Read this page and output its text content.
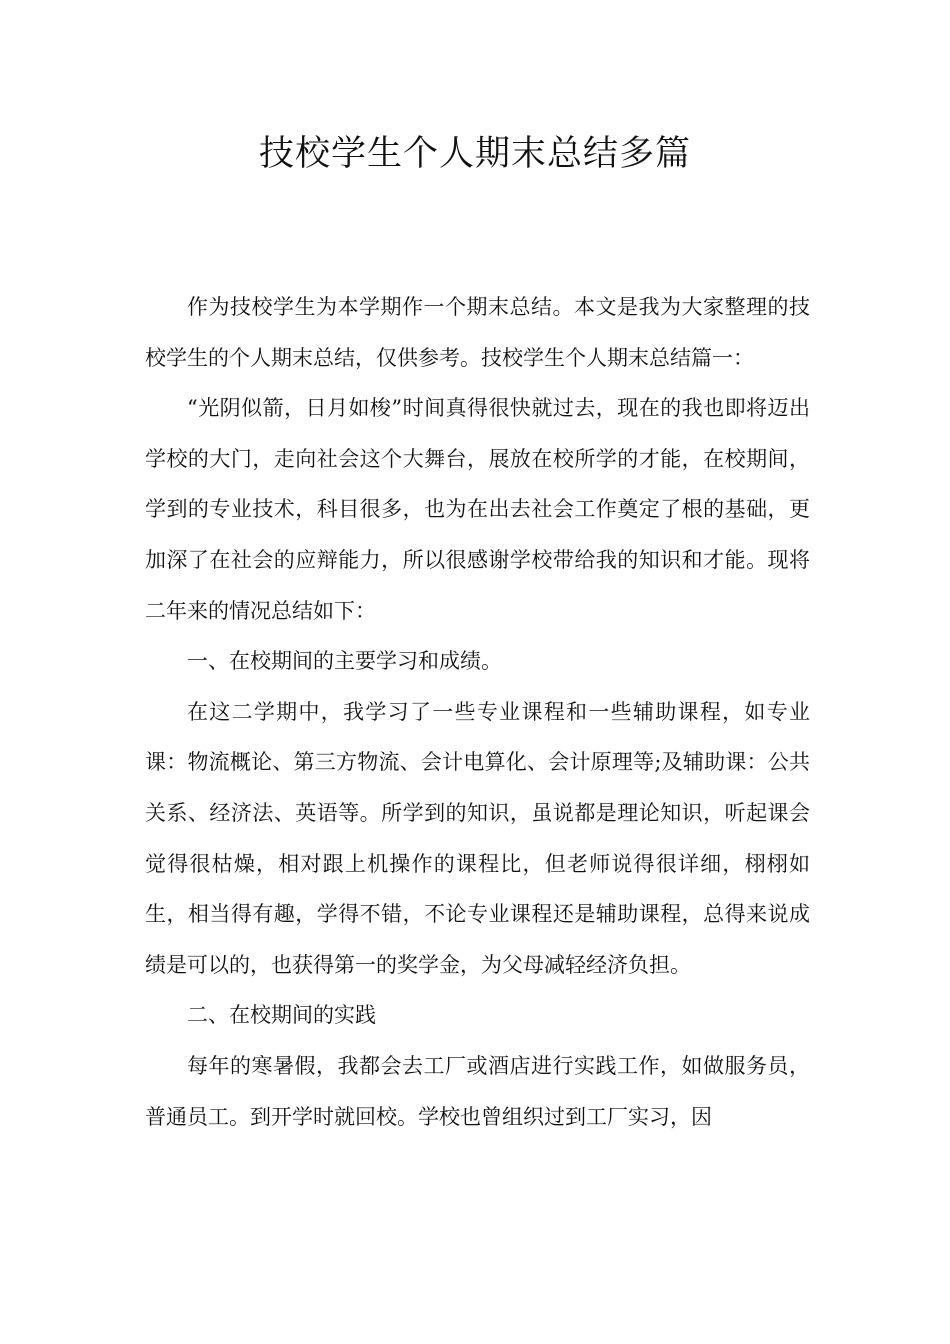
技校学生个人期末总结多篇

作为技校学生为本学期作一个期末总结。本文是我为大家整理的技校学生的个人期末总结，仅供参考。技校学生个人期末总结篇一：

“光阴似箭，日月如梭”时间真得很快就过去，现在的我也即将迈出学校的大门，走向社会这个大舞台，展放在校所学的才能，在校期间，学到的专业技术，科目很多，也为在出去社会工作奠定了根的基础，更加深了在社会的应辩能力，所以很感谢学校带给我的知识和才能。现将二年来的情况总结如下：

一、在校期间的主要学习和成绩。

在这二学期中，我学习了一些专业课程和一些辅助课程，如专业课：物流概论、第三方物流、会计电算化、会计原理等;及辅助课：公共关系、经济法、英语等。所学到的知识，虽说都是理论知识，听起课会觉得很枯燥，相对跟上机操作的课程比，但老师说得很详细，栩栩如生，相当得有趣，学得不错，不论专业课程还是辅助课程，总得来说成绩是可以的，也获得第一的奖学金，为父母减轻经济负担。

二、在校期间的实践

每年的寒暑假，我都会去工厂或酒店进行实践工作，如做服务员，普通员工。到开学时就回校。学校也曾组织过到工厂实习，因
